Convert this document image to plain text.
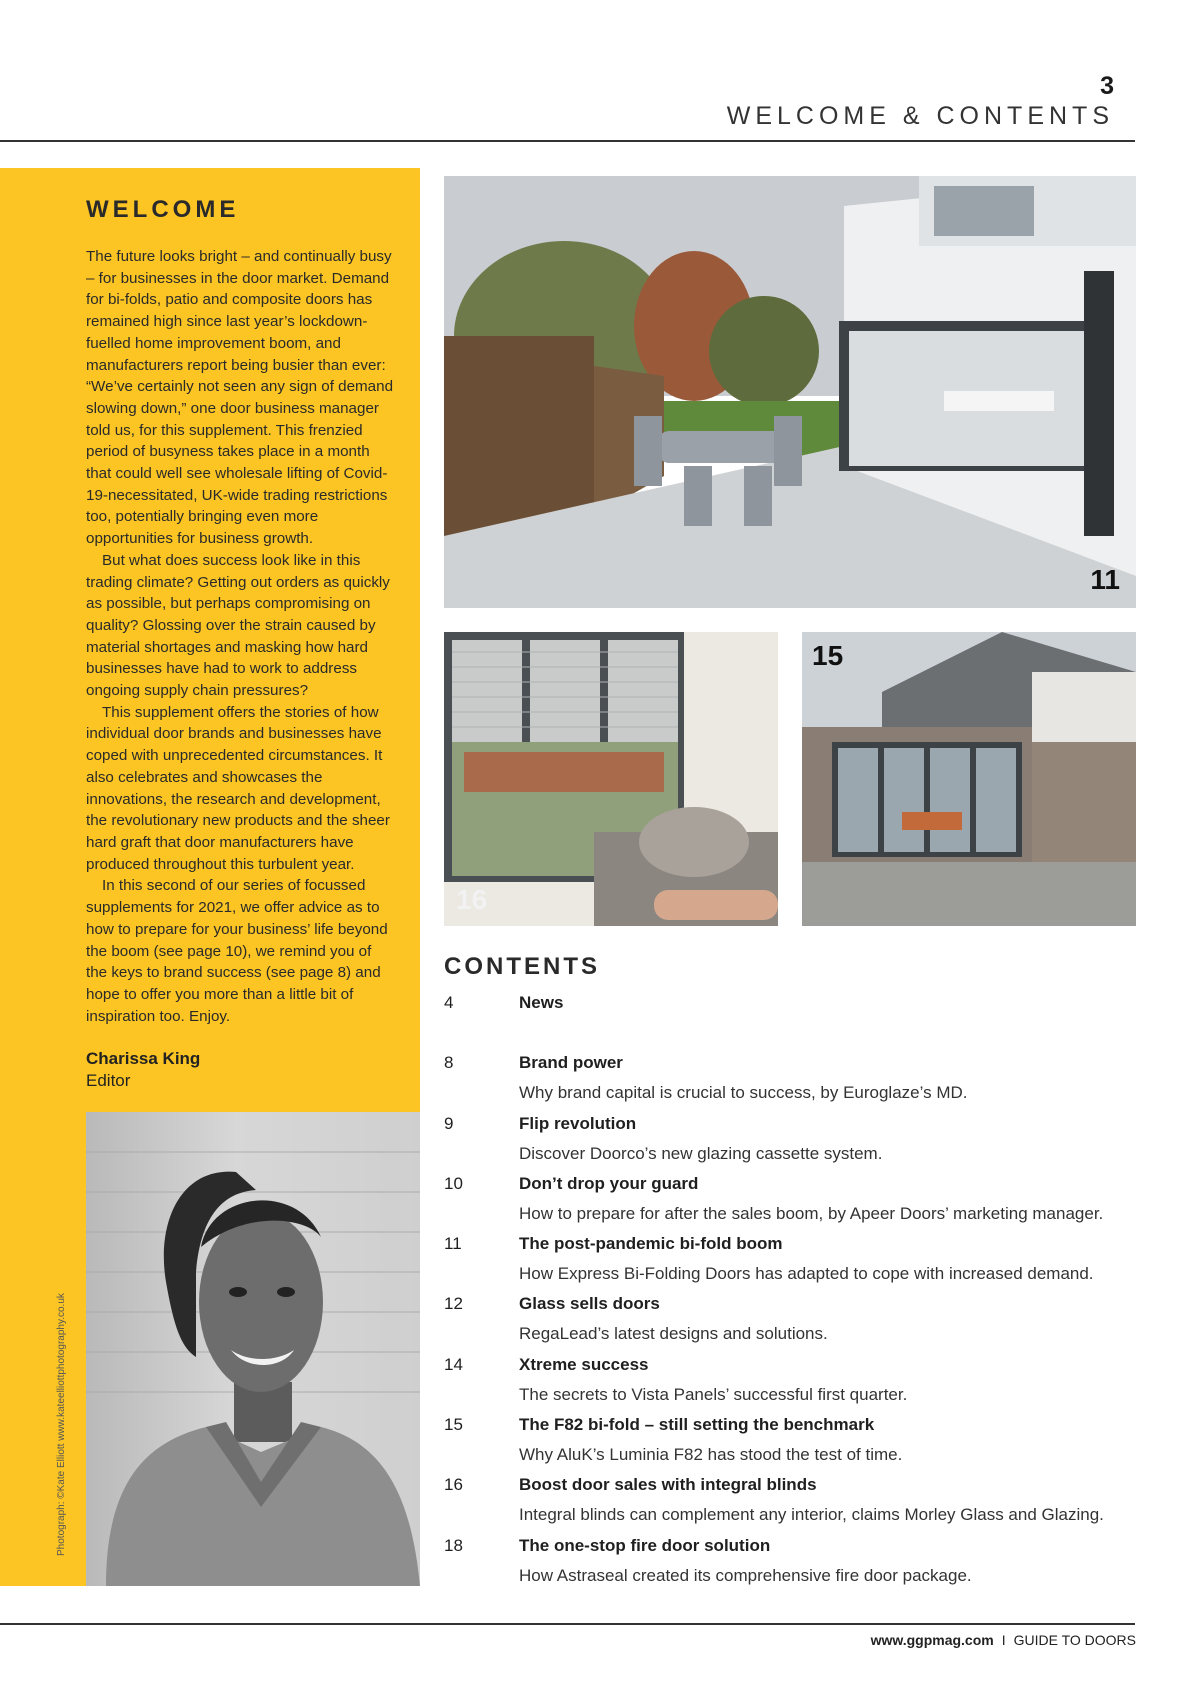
3
WELCOME & CONTENTS
WELCOME

The future looks bright – and continually busy – for businesses in the door market. Demand for bi-folds, patio and composite doors has remained high since last year’s lockdown-fuelled home improvement boom, and manufacturers report being busier than ever: “We’ve certainly not seen any sign of demand slowing down,” one door business manager told us, for this supplement. This frenzied period of busyness takes place in a month that could well see wholesale lifting of Covid-19-necessitated, UK-wide trading restrictions too, potentially bringing even more opportunities for business growth.

But what does success look like in this trading climate? Getting out orders as quickly as possible, but perhaps compromising on quality? Glossing over the strain caused by material shortages and masking how hard businesses have had to work to address ongoing supply chain pressures?

This supplement offers the stories of how individual door brands and businesses have coped with unprecedented circumstances. It also celebrates and showcases the innovations, the research and development, the revolutionary new products and the sheer hard graft that door manufacturers have produced throughout this turbulent year.

In this second of our series of focussed supplements for 2021, we offer advice as to how to prepare for your business’ life beyond the boom (see page 10), we remind you of the keys to brand success (see page 8) and hope to offer you more than a little bit of inspiration too. Enjoy.

Charissa King
Editor
Photograph: ©Kate Elliott www.kateelliottphotography.co.uk
11
16
15
CONTENTS
4	News
8	Brand power
Why brand capital is crucial to success, by Euroglaze’s MD.
9	Flip revolution
Discover Doorco’s new glazing cassette system.
10	Don’t drop your guard
How to prepare for after the sales boom, by Apeer Doors’ marketing manager.
11	The post-pandemic bi-fold boom
How Express Bi-Folding Doors has adapted to cope with increased demand.
12	Glass sells doors
RegaLead’s latest designs and solutions.
14	Xtreme success
The secrets to Vista Panels’ successful first quarter.
15	The F82 bi-fold – still setting the benchmark
Why AluK’s Luminia F82 has stood the test of time.
16	Boost door sales with integral blinds
Integral blinds can complement any interior, claims Morley Glass and Glazing.
18	The one-stop fire door solution
How Astraseal created its comprehensive fire door package.
www.ggpmag.com I GUIDE TO DOORS
